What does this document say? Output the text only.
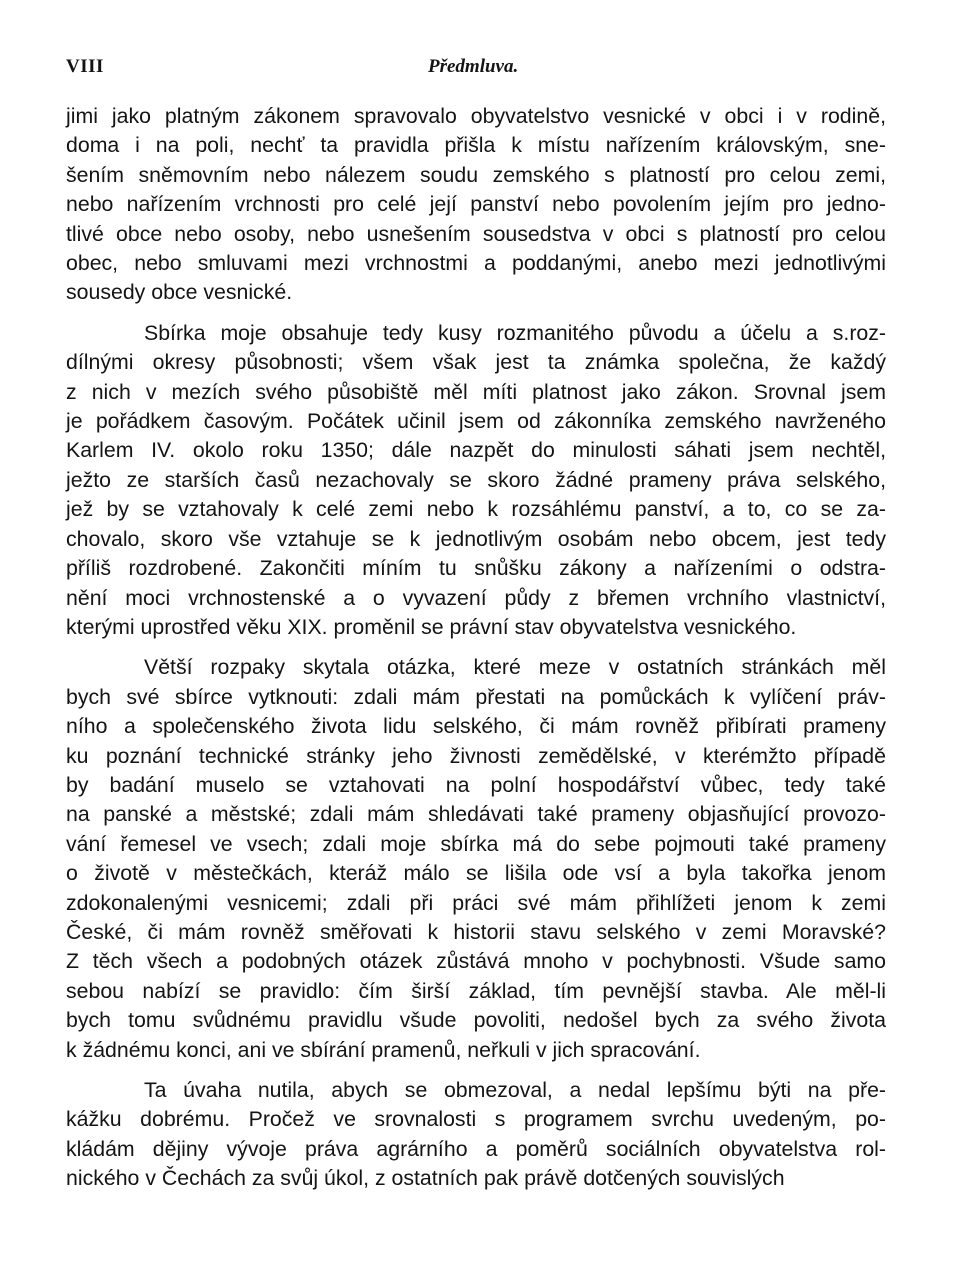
VIII	Předmluva.
jimi jako platným zákonem spravovalo obyvatelstvo vesnické v obci i v rodině,
doma i na poli, nechť ta pravidla přišla k místu nařízením královským, sne-
šením sněmovním nebo nálezem soudu zemského s platností pro celou zemi,
nebo nařízením vrchnosti pro celé její panství nebo povolením jejím pro jedno-
tlivé obce nebo osoby, nebo usnešením sousedstva v obci s platností pro celou
obec, nebo smluvami mezi vrchnostmi a poddanými, anebo mezi jednotlivými
sousedy obce vesnické.
Sbírka moje obsahuje tedy kusy rozmanitého původu a účelu a s.roz-
dílnými okresy působnosti; všem však jest ta známka společna, že každý
z nich v mezích svého působiště měl míti platnost jako zákon. Srovnal jsem
je pořádkem časovým. Počátek učinil jsem od zákonníka zemského navrženého
Karlem IV. okolo roku 1350; dále nazpět do minulosti sáhati jsem nechtěl,
ježto ze starších časů nezachovaly se skoro žádné prameny práva selského,
jež by se vztahovaly k celé zemi nebo k rozsáhlému panství, a to, co se za-
chovalo, skoro vše vztahuje se k jednotlivým osobám nebo obcem, jest tedy
příliš rozdrobené. Zakončiti míním tu snůšku zákony a nařízeními o odstra-
nění moci vrchnostenské a o vyvazení půdy z břemen vrchního vlastnictví,
kterými uprostřed věku XIX. proměnil se právní stav obyvatelstva vesnického.
Větší rozpaky skytala otázka, které meze v ostatních stránkách měl
bych své sbírce vytknouti: zdali mám přestati na pomůckách k vylíčení práv-
ního a společenského života lidu selského, či mám rovněž přibírati prameny
ku poznání technické stránky jeho živnosti zemědělské, v kterémžto případě
by badání muselo se vztahovati na polní hospodářství vůbec, tedy také
na panské a městské; zdali mám shledávati také prameny objasňující provozo-
vání řemesel ve vsech; zdali moje sbírka má do sebe pojmouti také prameny
o životě v městečkách, kteráž málo se lišila ode vsí a byla takořka jenom
zdokonalenými vesnicemi; zdali při práci své mám přihlížeti jenom k zemi
České, či mám rovněž směřovati k historii stavu selského v zemi Moravské?
Z těch všech a podobných otázek zůstává mnoho v pochybnosti. Všude samo
sebou nabízí se pravidlo: čím širší základ, tím pevnější stavba. Ale měl-li
bych tomu svůdnému pravidlu všude povoliti, nedošel bych za svého života
k žádnému konci, ani ve sbírání pramenů, neřkuli v jich spracování.
Ta úvaha nutila, abych se obmezoval, a nedal lepšímu býti na pře-
kážku dobrému. Pročež ve srovnalosti s programem svrchu uvedeným, po-
kládám dějiny vývoje práva agrárního a poměrů sociálních obyvatelstva rol-
nického v Čechách za svůj úkol, z ostatních pak právě dotčených souvislých
